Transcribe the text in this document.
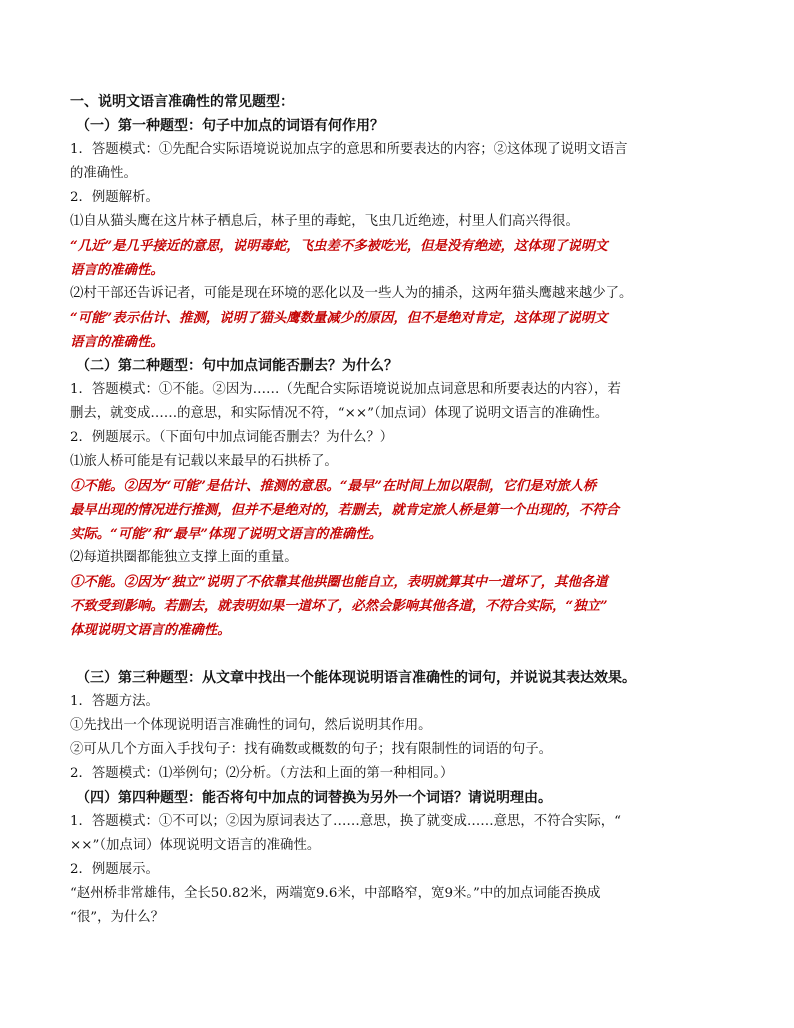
一、说明文语言准确性的常见题型：
（一）第一种题型：句子中加点的词语有何作用？
1．答题模式：①先配合实际语境说说加点字的意思和所要表达的内容；②这体现了说明文语言
的准确性。
2．例题解析。
⑴自从猫头鹰在这片林子栖息后，林子里的毒蛇，飞虫几近绝迹，村里人们高兴得很。
“几近”是几乎接近的意思，说明毒蛇，飞虫差不多被吃光，但是没有绝迹，这体现了说明文
语言的准确性。
⑵村干部还告诉记者，可能是现在环境的恶化以及一些人为的捕杀，这两年猫头鹰越来越少了。
“可能”表示估计、推测，说明了猫头鹰数量减少的原因，但不是绝对肯定，这体现了说明文
语言的准确性。
（二）第二种题型：句中加点词能否删去？为什么？
1．答题模式：①不能。②因为……（先配合实际语境说说加点词意思和所要表达的内容），若
删去，就变成……的意思，和实际情况不符，“××”（加点词）体现了说明文语言的准确性。
2．例题展示。（下面句中加点词能否删去？为什么？）
⑴旅人桥可能是有记载以来最早的石拱桥了。
①不能。②因为“可能”是估计、推测的意思。“最早”在时间上加以限制，它们是对旅人桥
最早出现的情况进行推测，但并不是绝对的，若删去，就肯定旅人桥是第一个出现的，不符合
实际。“可能”和“最早”体现了说明文语言的准确性。
⑵每道拱圈都能独立支撑上面的重量。
①不能。②因为“独立”说明了不依靠其他拱圈也能自立，表明就算其中一道坏了，其他各道
不致受到影响。若删去，就表明如果一道坏了，必然会影响其他各道，不符合实际，“独立”
体现说明文语言的准确性。
（三）第三种题型：从文章中找出一个能体现说明语言准确性的词句，并说说其表达效果。
1．答题方法。
①先找出一个体现说明语言准确性的词句，然后说明其作用。
②可从几个方面入手找句子：找有确数或概数的句子；找有限制性的词语的句子。
2．答题模式：⑴举例句；⑵分析。（方法和上面的第一种相同。）
（四）第四种题型：能否将句中加点的词替换为另外一个词语？请说明理由。
1．答题模式：①不可以；②因为原词表达了……意思，换了就变成……意思，不符合实际，“
××”（加点词）体现说明文语言的准确性。
2．例题展示。
“赵州桥非常雄伟，全长50.82米，两端宽9.6米，中部略窄，宽9米。”中的加点词能否换成
“很”，为什么？
